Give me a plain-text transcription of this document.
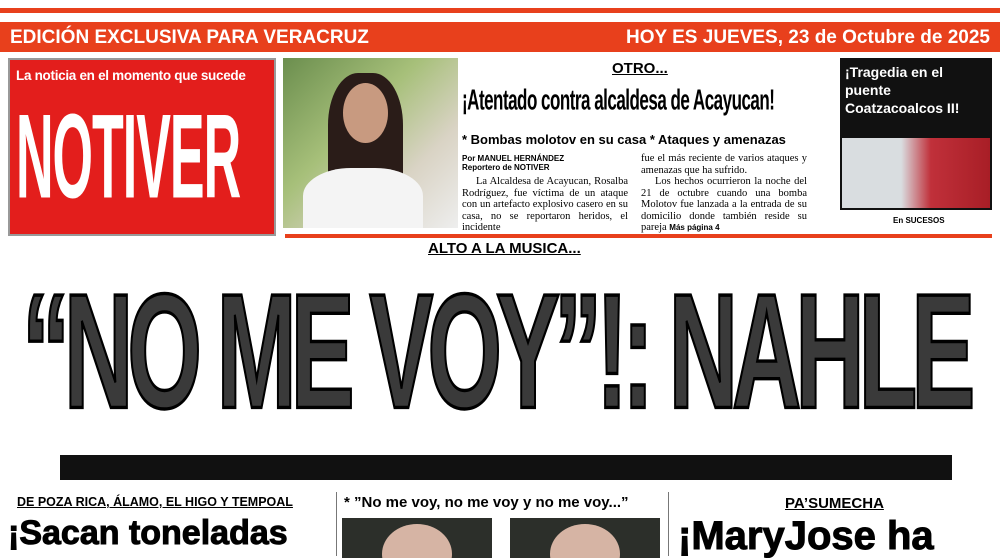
EDICIÓN EXCLUSIVA PARA VERACRUZ	HOY ES JUEVES, 23 de Octubre de 2025
La noticia en el momento que sucede
NOTIVER
OTRO...
¡Atentado contra alcaldesa de Acayucan!
* Bombas molotov en su casa * Ataques y amenazas
Por MANUEL HERNÁNDEZ
Reportero de NOTIVER
La Alcaldesa de Acayucan, Rosalba Rodríguez, fue víctima de un ataque con un artefacto explosivo casero en su casa, no se reportaron heridos, el incidente

fue el más reciente de varios ataques y amenazas que ha sufrido.

Los hechos ocurrieron la noche del 21 de octubre cuando una bomba Molotov fue lanzada a la entrada de su domicilio donde también reside su pareja Más página 4

¡Tragedia en el puente Coatzacoalcos II!
En SUCESOS
ALTO A LA MUSICA...
“NO ME VOY”!: NAHLE
DE POZA RICA, ÁLAMO, EL HIGO Y TEMPOAL
¡Sacan toneladas
* ”No me voy, no me voy y no me voy...”	PA’SUMECHA
¡MaryJose ha
